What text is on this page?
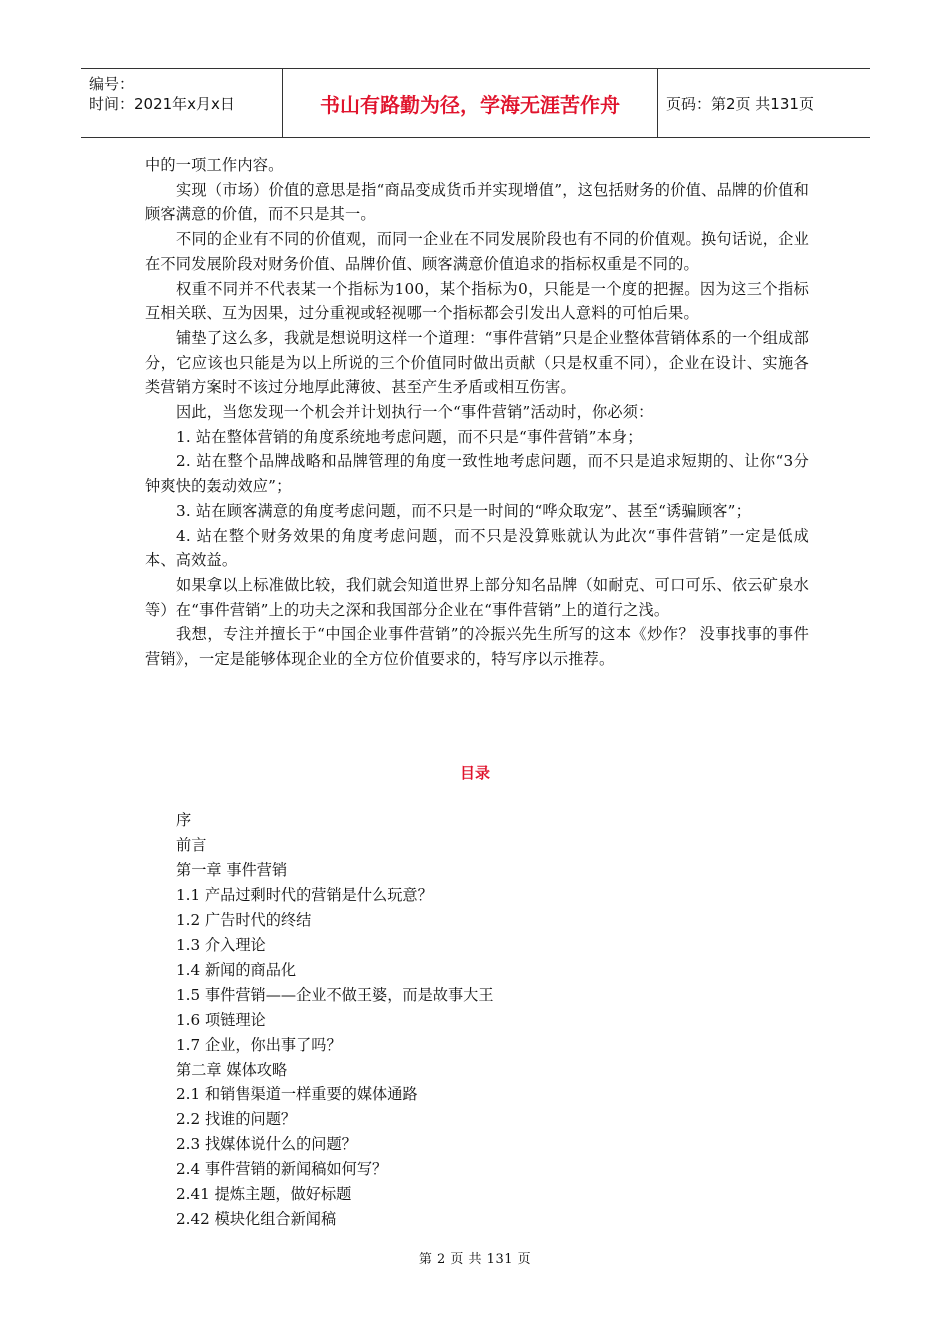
编号：
时间：2021年x月x日	书山有路勤为径，学海无涯苦作舟	页码：第2页 共131页

中的一项工作内容。

实现（市场）价值的意思是指“商品变成货币并实现增值”，这包括财务的价值、品牌的价值和顾客满意的价值，而不只是其一。

不同的企业有不同的价值观，而同一企业在不同发展阶段也有不同的价值观。换句话说，企业在不同发展阶段对财务价值、品牌价值、顾客满意价值追求的指标权重是不同的。

权重不同并不代表某一个指标为100，某个指标为0，只能是一个度的把握。因为这三个指标互相关联、互为因果，过分重视或轻视哪一个指标都会引发出人意料的可怕后果。

铺垫了这么多，我就是想说明这样一个道理：“事件营销”只是企业整体营销体系的一个组成部分，它应该也只能是为以上所说的三个价值同时做出贡献（只是权重不同），企业在设计、实施各类营销方案时不该过分地厚此薄彼、甚至产生矛盾或相互伤害。

因此，当您发现一个机会并计划执行一个“事件营销”活动时，你必须：

1. 站在整体营销的角度系统地考虑问题，而不只是“事件营销”本身；

2. 站在整个品牌战略和品牌管理的角度一致性地考虑问题，而不只是追求短期的、让你“3分钟爽快的轰动效应”；

3. 站在顾客满意的角度考虑问题，而不只是一时间的“哗众取宠”、甚至“诱骗顾客”；

4. 站在整个财务效果的角度考虑问题，而不只是没算账就认为此次“事件营销”一定是低成本、高效益。

如果拿以上标准做比较，我们就会知道世界上部分知名品牌（如耐克、可口可乐、依云矿泉水等）在“事件营销”上的功夫之深和我国部分企业在“事件营销”上的道行之浅。

我想，专注并擅长于“中国企业事件营销”的冷振兴先生所写的这本《炒作？ 没事找事的事件营销》，一定是能够体现企业的全方位价值要求的，特写序以示推荐。

目录
序
前言
第一章 事件营销
1.1 产品过剩时代的营销是什么玩意？
1.2 广告时代的终结
1.3 介入理论
1.4 新闻的商品化
1.5 事件营销——企业不做王婆，而是故事大王
1.6 项链理论
1.7 企业，你出事了吗？
第二章 媒体攻略
2.1 和销售渠道一样重要的媒体通路
2.2 找谁的问题？
2.3 找媒体说什么的问题？
2.4 事件营销的新闻稿如何写？
2.41 提炼主题，做好标题
2.42 模块化组合新闻稿
第 2 页 共 131 页
